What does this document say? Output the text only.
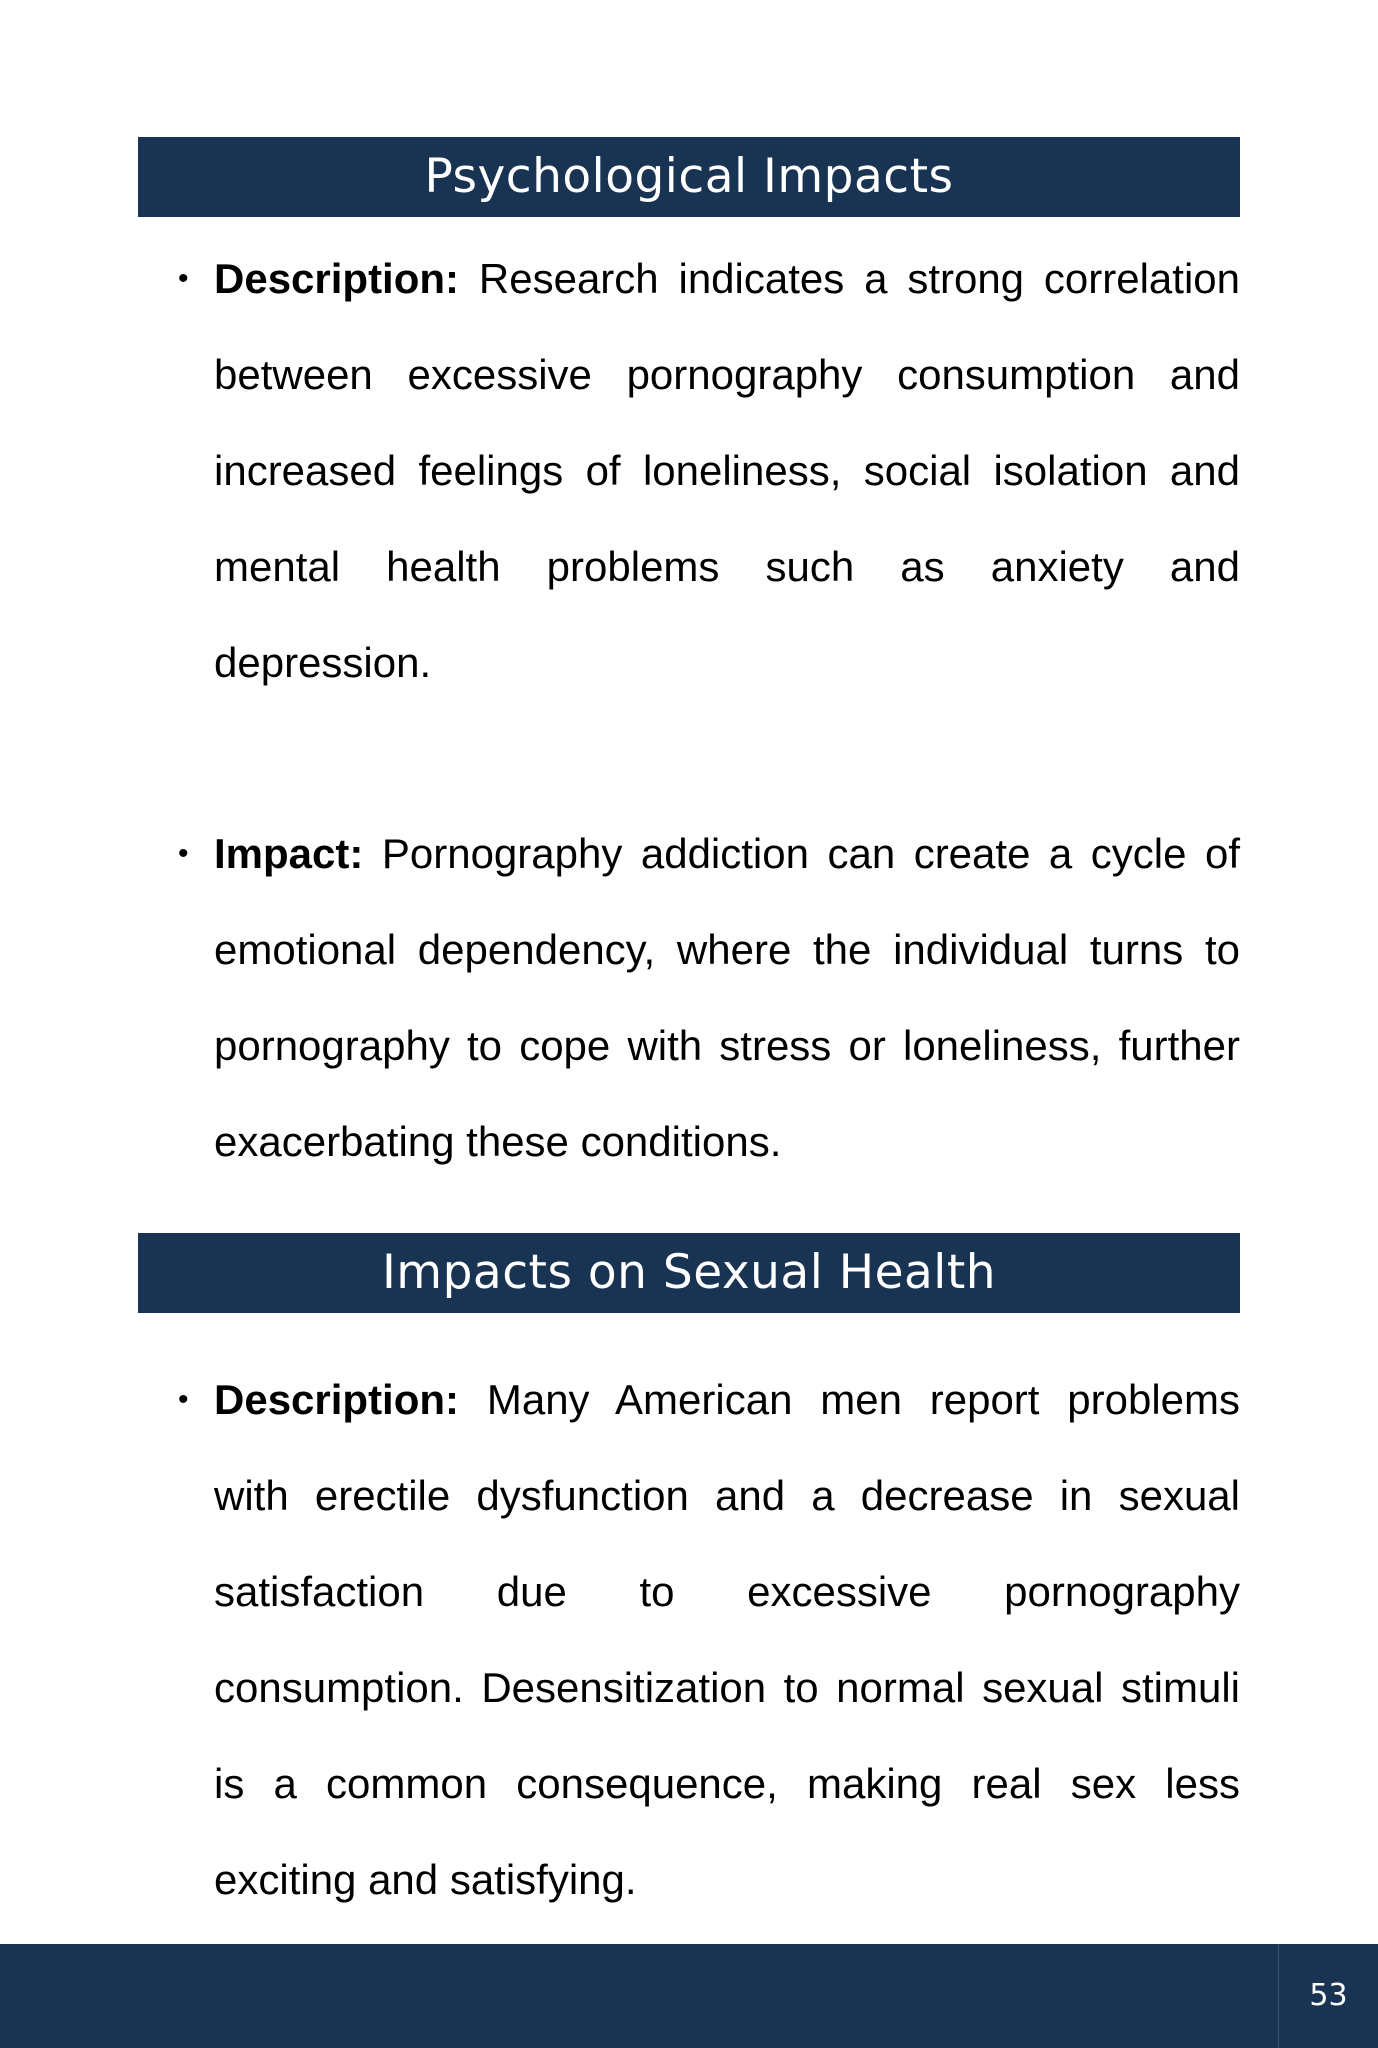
Psychological Impacts
• Description: Research indicates a strong correlation between excessive pornography consumption and increased feelings of loneliness, social isolation and mental health problems such as anxiety and depression.
• Impact: Pornography addiction can create a cycle of emotional dependency, where the individual turns to pornography to cope with stress or loneliness, further exacerbating these conditions.
Impacts on Sexual Health
• Description: Many American men report problems with erectile dysfunction and a decrease in sexual satisfaction due to excessive pornography consumption. Desensitization to normal sexual stimuli is a common consequence, making real sex less exciting and satisfying.
53
